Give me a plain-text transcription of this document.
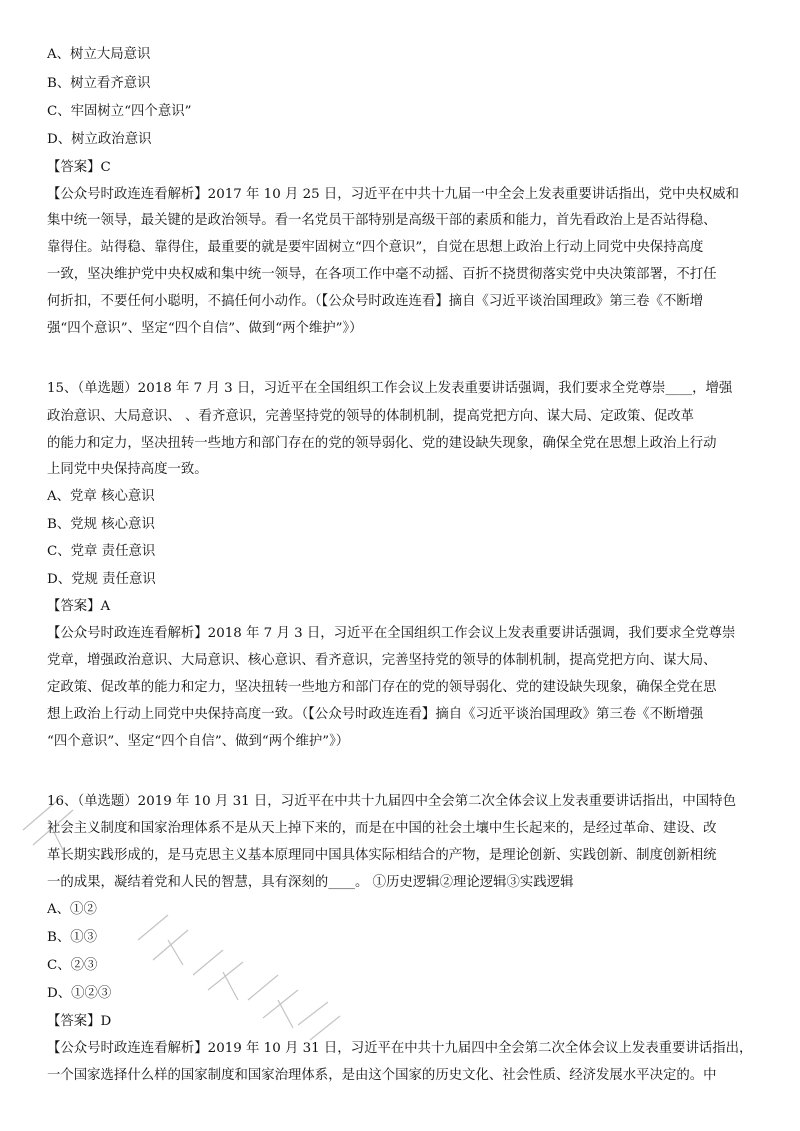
A、树立大局意识
B、树立看齐意识
C、牢固树立“四个意识”
D、树立政治意识
【答案】C
【公众号时政连连看解析】2017 年 10 月 25 日，习近平在中共十九届一中全会上发表重要讲话指出，党中央权威和
集中统一领导，最关键的是政治领导。看一名党员干部特别是高级干部的素质和能力，首先看政治上是否站得稳、
靠得住。站得稳、靠得住，最重要的就是要牢固树立“四个意识”，自觉在思想上政治上行动上同党中央保持高度
一致，坚决维护党中央权威和集中统一领导，在各项工作中毫不动摇、百折不挠贯彻落实党中央决策部署，不打任
何折扣，不要任何小聪明，不搞任何小动作。（【公众号时政连连看】摘自《习近平谈治国理政》第三卷《不断增
强“四个意识”、坚定“四个自信”、做到“两个维护”》）
15、（单选题）2018 年 7 月 3 日，习近平在全国组织工作会议上发表重要讲话强调，我们要求全党尊崇____，增强
政治意识、大局意识、 、看齐意识，完善坚持党的领导的体制机制，提高党把方向、谋大局、定政策、促改革
的能力和定力，坚决扭转一些地方和部门存在的党的领导弱化、党的建设缺失现象，确保全党在思想上政治上行动
上同党中央保持高度一致。
A、党章 核心意识
B、党规 核心意识
C、党章 责任意识
D、党规 责任意识
【答案】A
【公众号时政连连看解析】2018 年 7 月 3 日，习近平在全国组织工作会议上发表重要讲话强调，我们要求全党尊崇
党章，增强政治意识、大局意识、核心意识、看齐意识，完善坚持党的领导的体制机制，提高党把方向、谋大局、
定政策、促改革的能力和定力，坚决扭转一些地方和部门存在的党的领导弱化、党的建设缺失现象，确保全党在思
想上政治上行动上同党中央保持高度一致。（【公众号时政连连看】摘自《习近平谈治国理政》第三卷《不断增强
“四个意识”、坚定“四个自信”、做到“两个维护”》）
16、（单选题）2019 年 10 月 31 日，习近平在中共十九届四中全会第二次全体会议上发表重要讲话指出，中国特色
社会主义制度和国家治理体系不是从天上掉下来的，而是在中国的社会土壤中生长起来的，是经过革命、建设、改
革长期实践形成的，是马克思主义基本原理同中国具体实际相结合的产物，是理论创新、实践创新、制度创新相统
一的成果，凝结着党和人民的智慧，具有深刻的____。 ①历史逻辑②理论逻辑③实践逻辑
A、①②
B、①③
C、②③
D、①②③
【答案】D
【公众号时政连连看解析】2019 年 10 月 31 日，习近平在中共十九届四中全会第二次全体会议上发表重要讲话指出，
一个国家选择什么样的国家制度和国家治理体系，是由这个国家的历史文化、社会性质、经济发展水平决定的。中
